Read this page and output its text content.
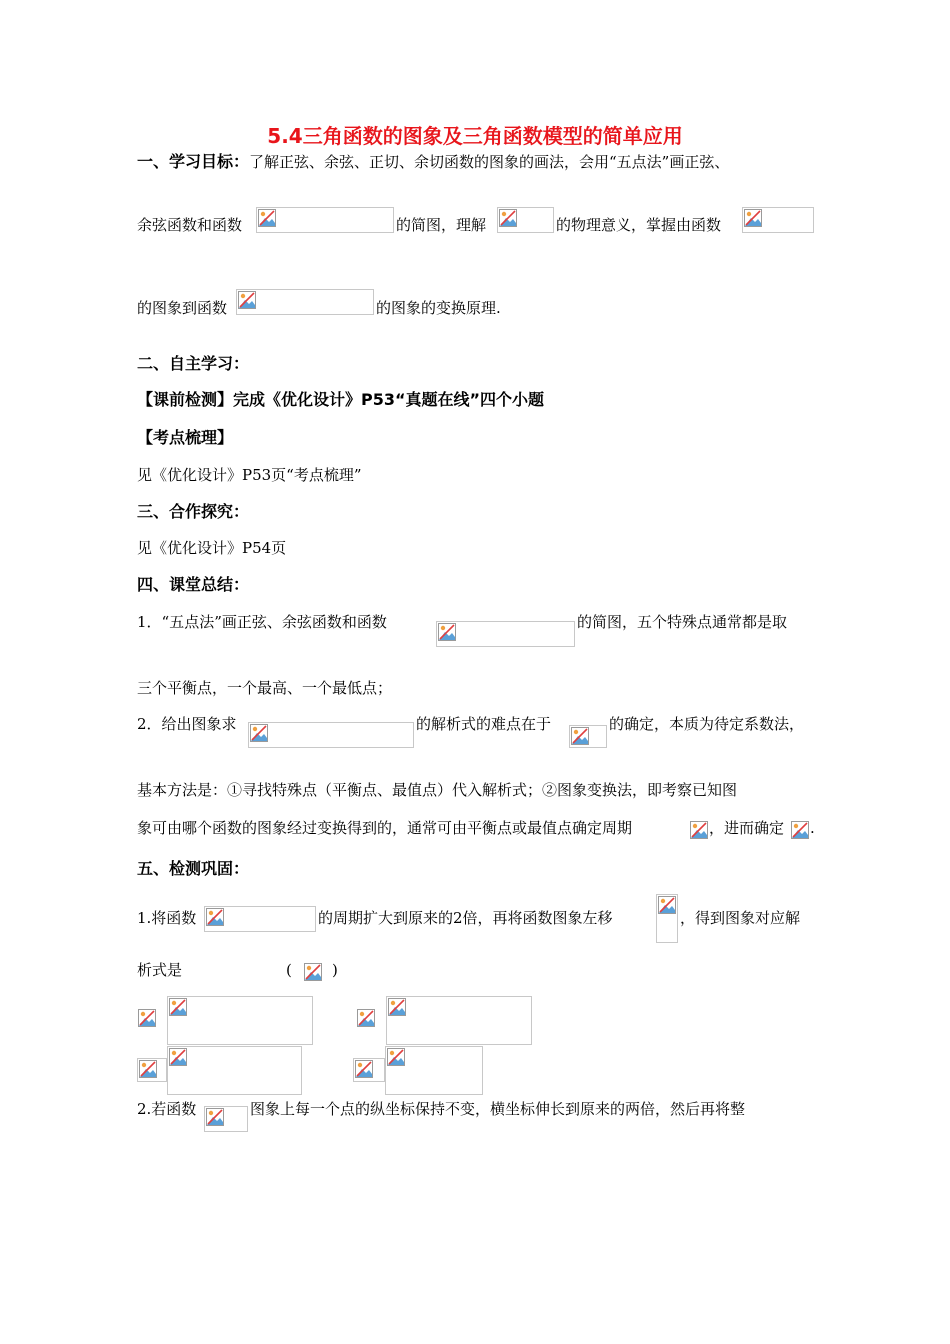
5.4三角函数的图象及三角函数模型的简单应用
一、学习目标：了解正弦、余弦、正切、余切函数的图象的画法，会用“五点法”画正弦、
余弦函数和函数	的简图，理解	的物理意义，掌握由函数
的图象到函数	的图象的变换原理.
二、自主学习：
【课前检测】完成《优化设计》P53“真题在线”四个小题
【考点梳理】
见《优化设计》P53页“考点梳理”
三、合作探究：
见《优化设计》P54页
四、课堂总结：
1．“五点法”画正弦、余弦函数和函数	的简图，五个特殊点通常都是取
三个平衡点，一个最高、一个最低点；
2．给出图象求	的解析式的难点在于	的确定，本质为待定系数法，
基本方法是：①寻找特殊点（平衡点、最值点）代入解析式；②图象变换法，即考察已知图
象可由哪个函数的图象经过变换得到的，通常可由平衡点或最值点确定周期	，进而确定 .
五、检测巩固：
1.将函数	的周期扩大到原来的2倍，再将函数图象左移	，得到图象对应解
析式是	(	)
2.若函数	图象上每一个点的纵坐标保持不变，横坐标伸长到原来的两倍，然后再将整
